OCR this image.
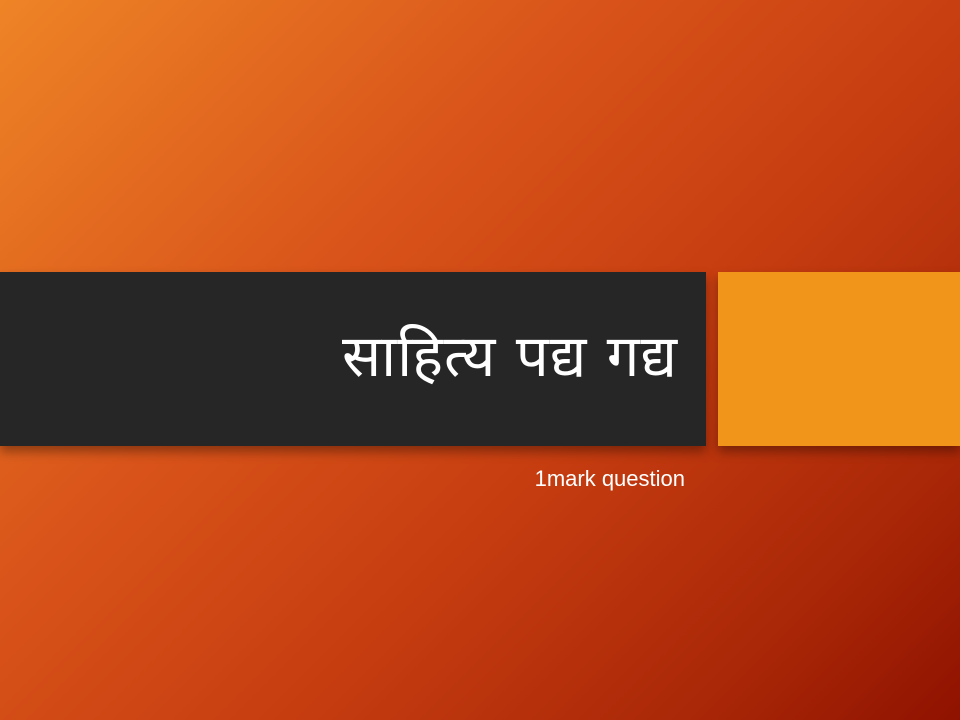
साहित्य पद्य गद्य
1mark question
